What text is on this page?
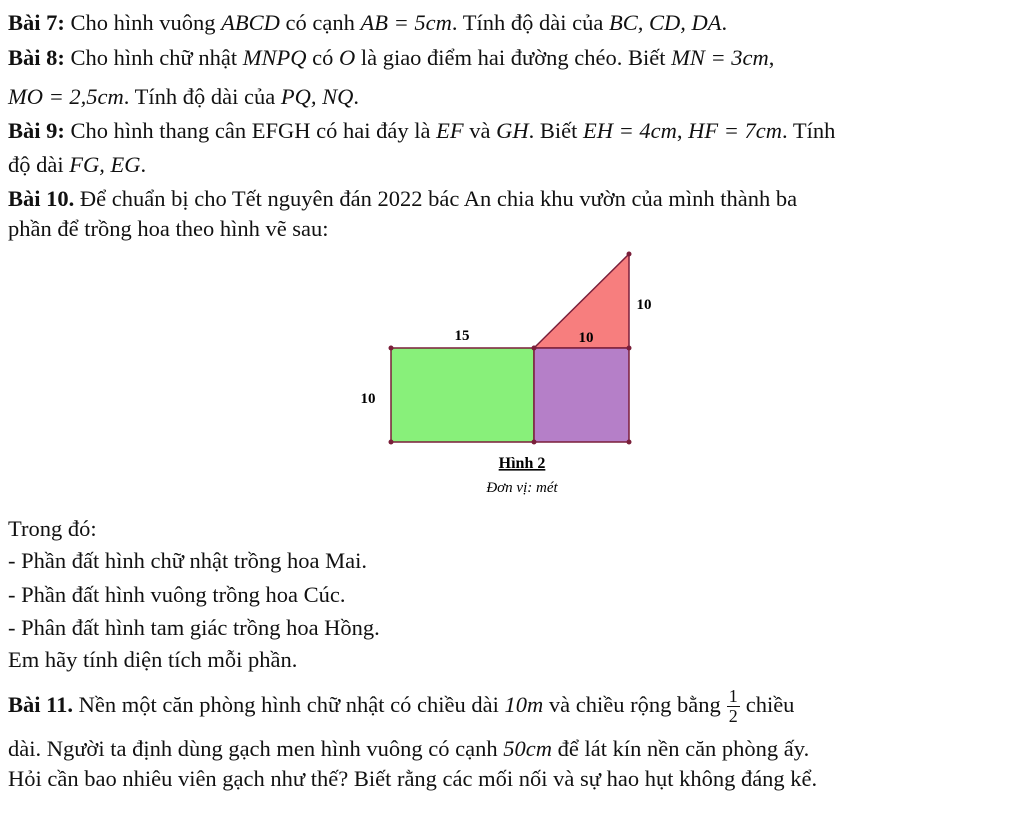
Bài 7: Cho hình vuông ABCD có cạnh AB = 5cm. Tính độ dài của BC, CD, DA.
Bài 8: Cho hình chữ nhật MNPQ có O là giao điểm hai đường chéo. Biết MN = 3cm,
MO = 2,5cm. Tính độ dài của PQ, NQ.
Bài 9: Cho hình thang cân EFGH có hai đáy là EF và GH. Biết EH = 4cm, HF = 7cm. Tính
độ dài FG, EG.
Bài 10. Để chuẩn bị cho Tết nguyên đán 2022 bác An chia khu vườn của mình thành ba
phần để trồng hoa theo hình vẽ sau:
15
10
10
10
Hình 2
Đơn vị: mét
Trong đó:
- Phần đất hình chữ nhật trồng hoa Mai.
- Phần đất hình vuông trồng hoa Cúc.
- Phân đất hình tam giác trồng hoa Hồng.
Em hãy tính diện tích mỗi phần.
Bài 11. Nền một căn phòng hình chữ nhật có chiều dài 10m và chiều rộng bằng $\frac{1}{2}$ chiều
dài. Người ta định dùng gạch men hình vuông có cạnh 50cm để lát kín nền căn phòng ấy.
Hỏi cần bao nhiêu viên gạch như thế? Biết rằng các mối nối và sự hao hụt không đáng kể.
